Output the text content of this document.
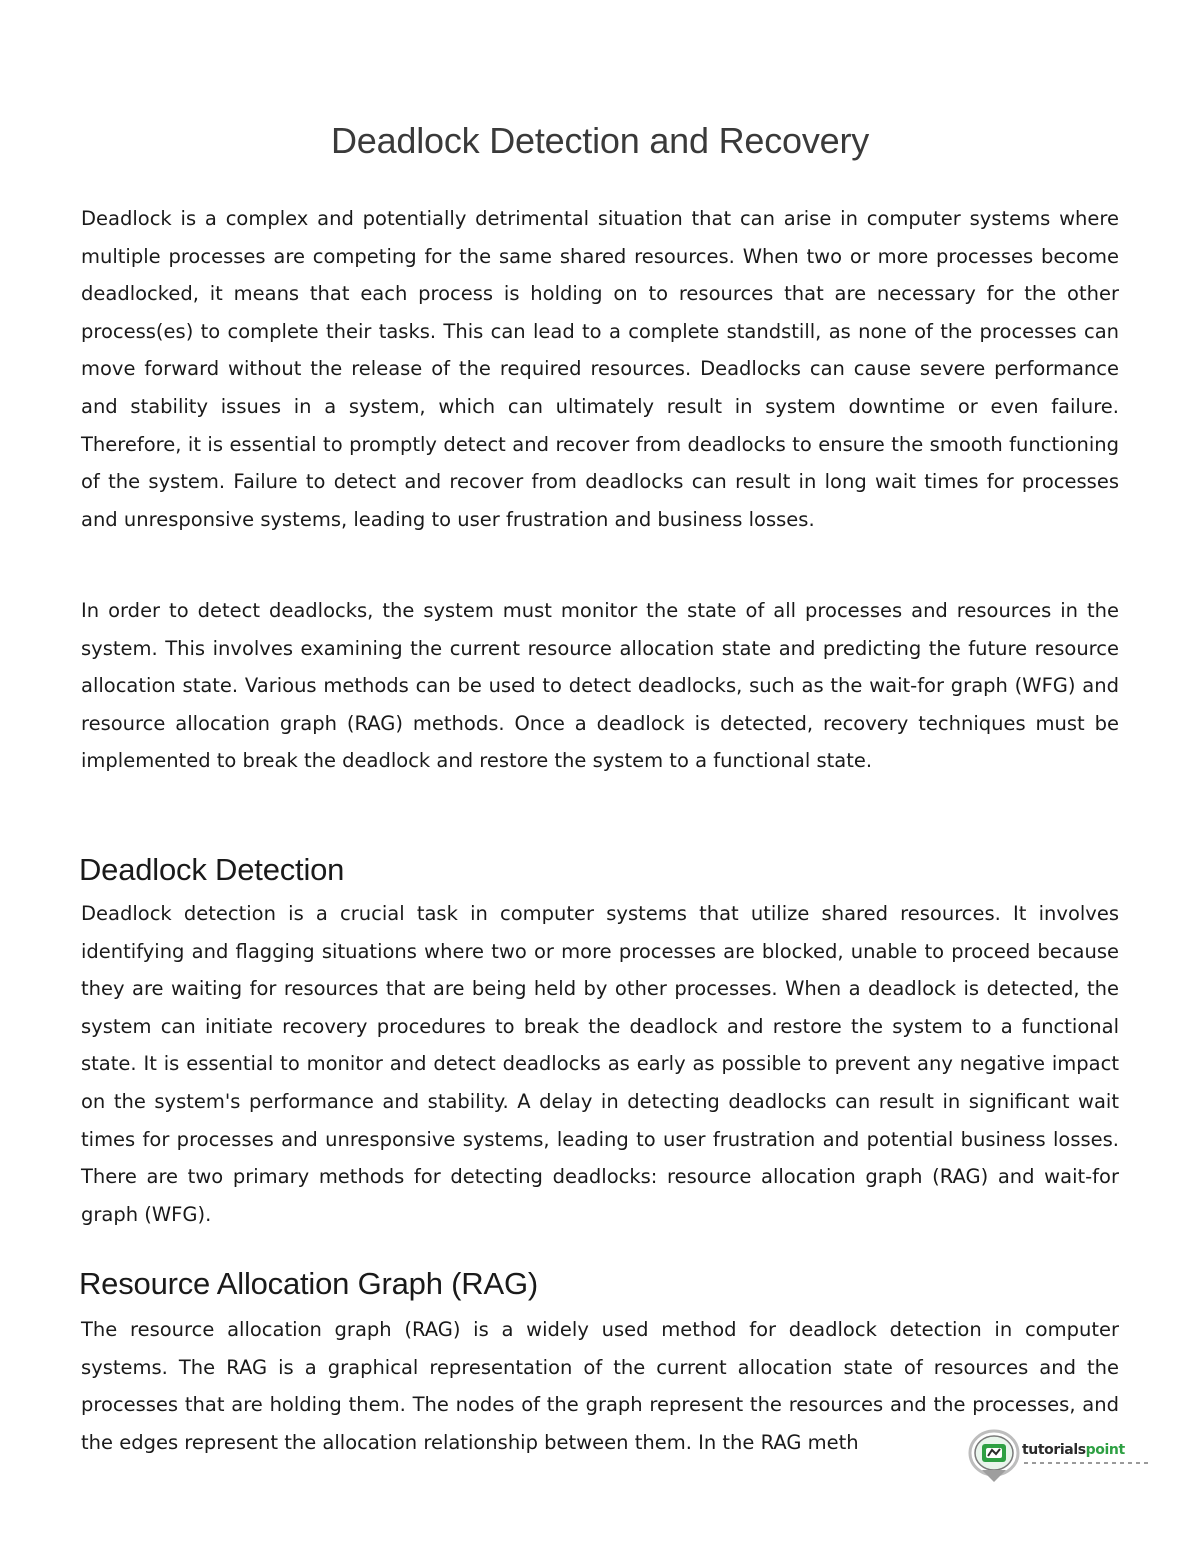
Deadlock Detection and Recovery

Deadlock is a complex and potentially detrimental situation that can arise in computer systems where multiple processes are competing for the same shared resources. When two or more processes become deadlocked, it means that each process is holding on to resources that are necessary for the other process(es) to complete their tasks. This can lead to a complete standstill, as none of the processes can move forward without the release of the required resources. Deadlocks can cause severe performance and stability issues in a system, which can ultimately result in system downtime or even failure. Therefore, it is essential to promptly detect and recover from deadlocks to ensure the smooth functioning of the system. Failure to detect and recover from deadlocks can result in long wait times for processes and unresponsive systems, leading to user frustration and business losses.

In order to detect deadlocks, the system must monitor the state of all processes and resources in the system. This involves examining the current resource allocation state and predicting the future resource allocation state. Various methods can be used to detect deadlocks, such as the wait-for graph (WFG) and resource allocation graph (RAG) methods. Once a deadlock is detected, recovery techniques must be implemented to break the deadlock and restore the system to a functional state.

Deadlock Detection

Deadlock detection is a crucial task in computer systems that utilize shared resources. It involves identifying and flagging situations where two or more processes are blocked, unable to proceed because they are waiting for resources that are being held by other processes. When a deadlock is detected, the system can initiate recovery procedures to break the deadlock and restore the system to a functional state. It is essential to monitor and detect deadlocks as early as possible to prevent any negative impact on the system's performance and stability. A delay in detecting deadlocks can result in significant wait times for processes and unresponsive systems, leading to user frustration and potential business losses. There are two primary methods for detecting deadlocks: resource allocation graph (RAG) and wait-for graph (WFG).

Resource Allocation Graph (RAG)

The resource allocation graph (RAG) is a widely used method for deadlock detection in computer systems. The RAG is a graphical representation of the current allocation state of resources and the processes that are holding them. The nodes of the graph represent the resources and the processes, and the edges represent the allocation relationship between them. In the RAG meth	tutorialspoint
